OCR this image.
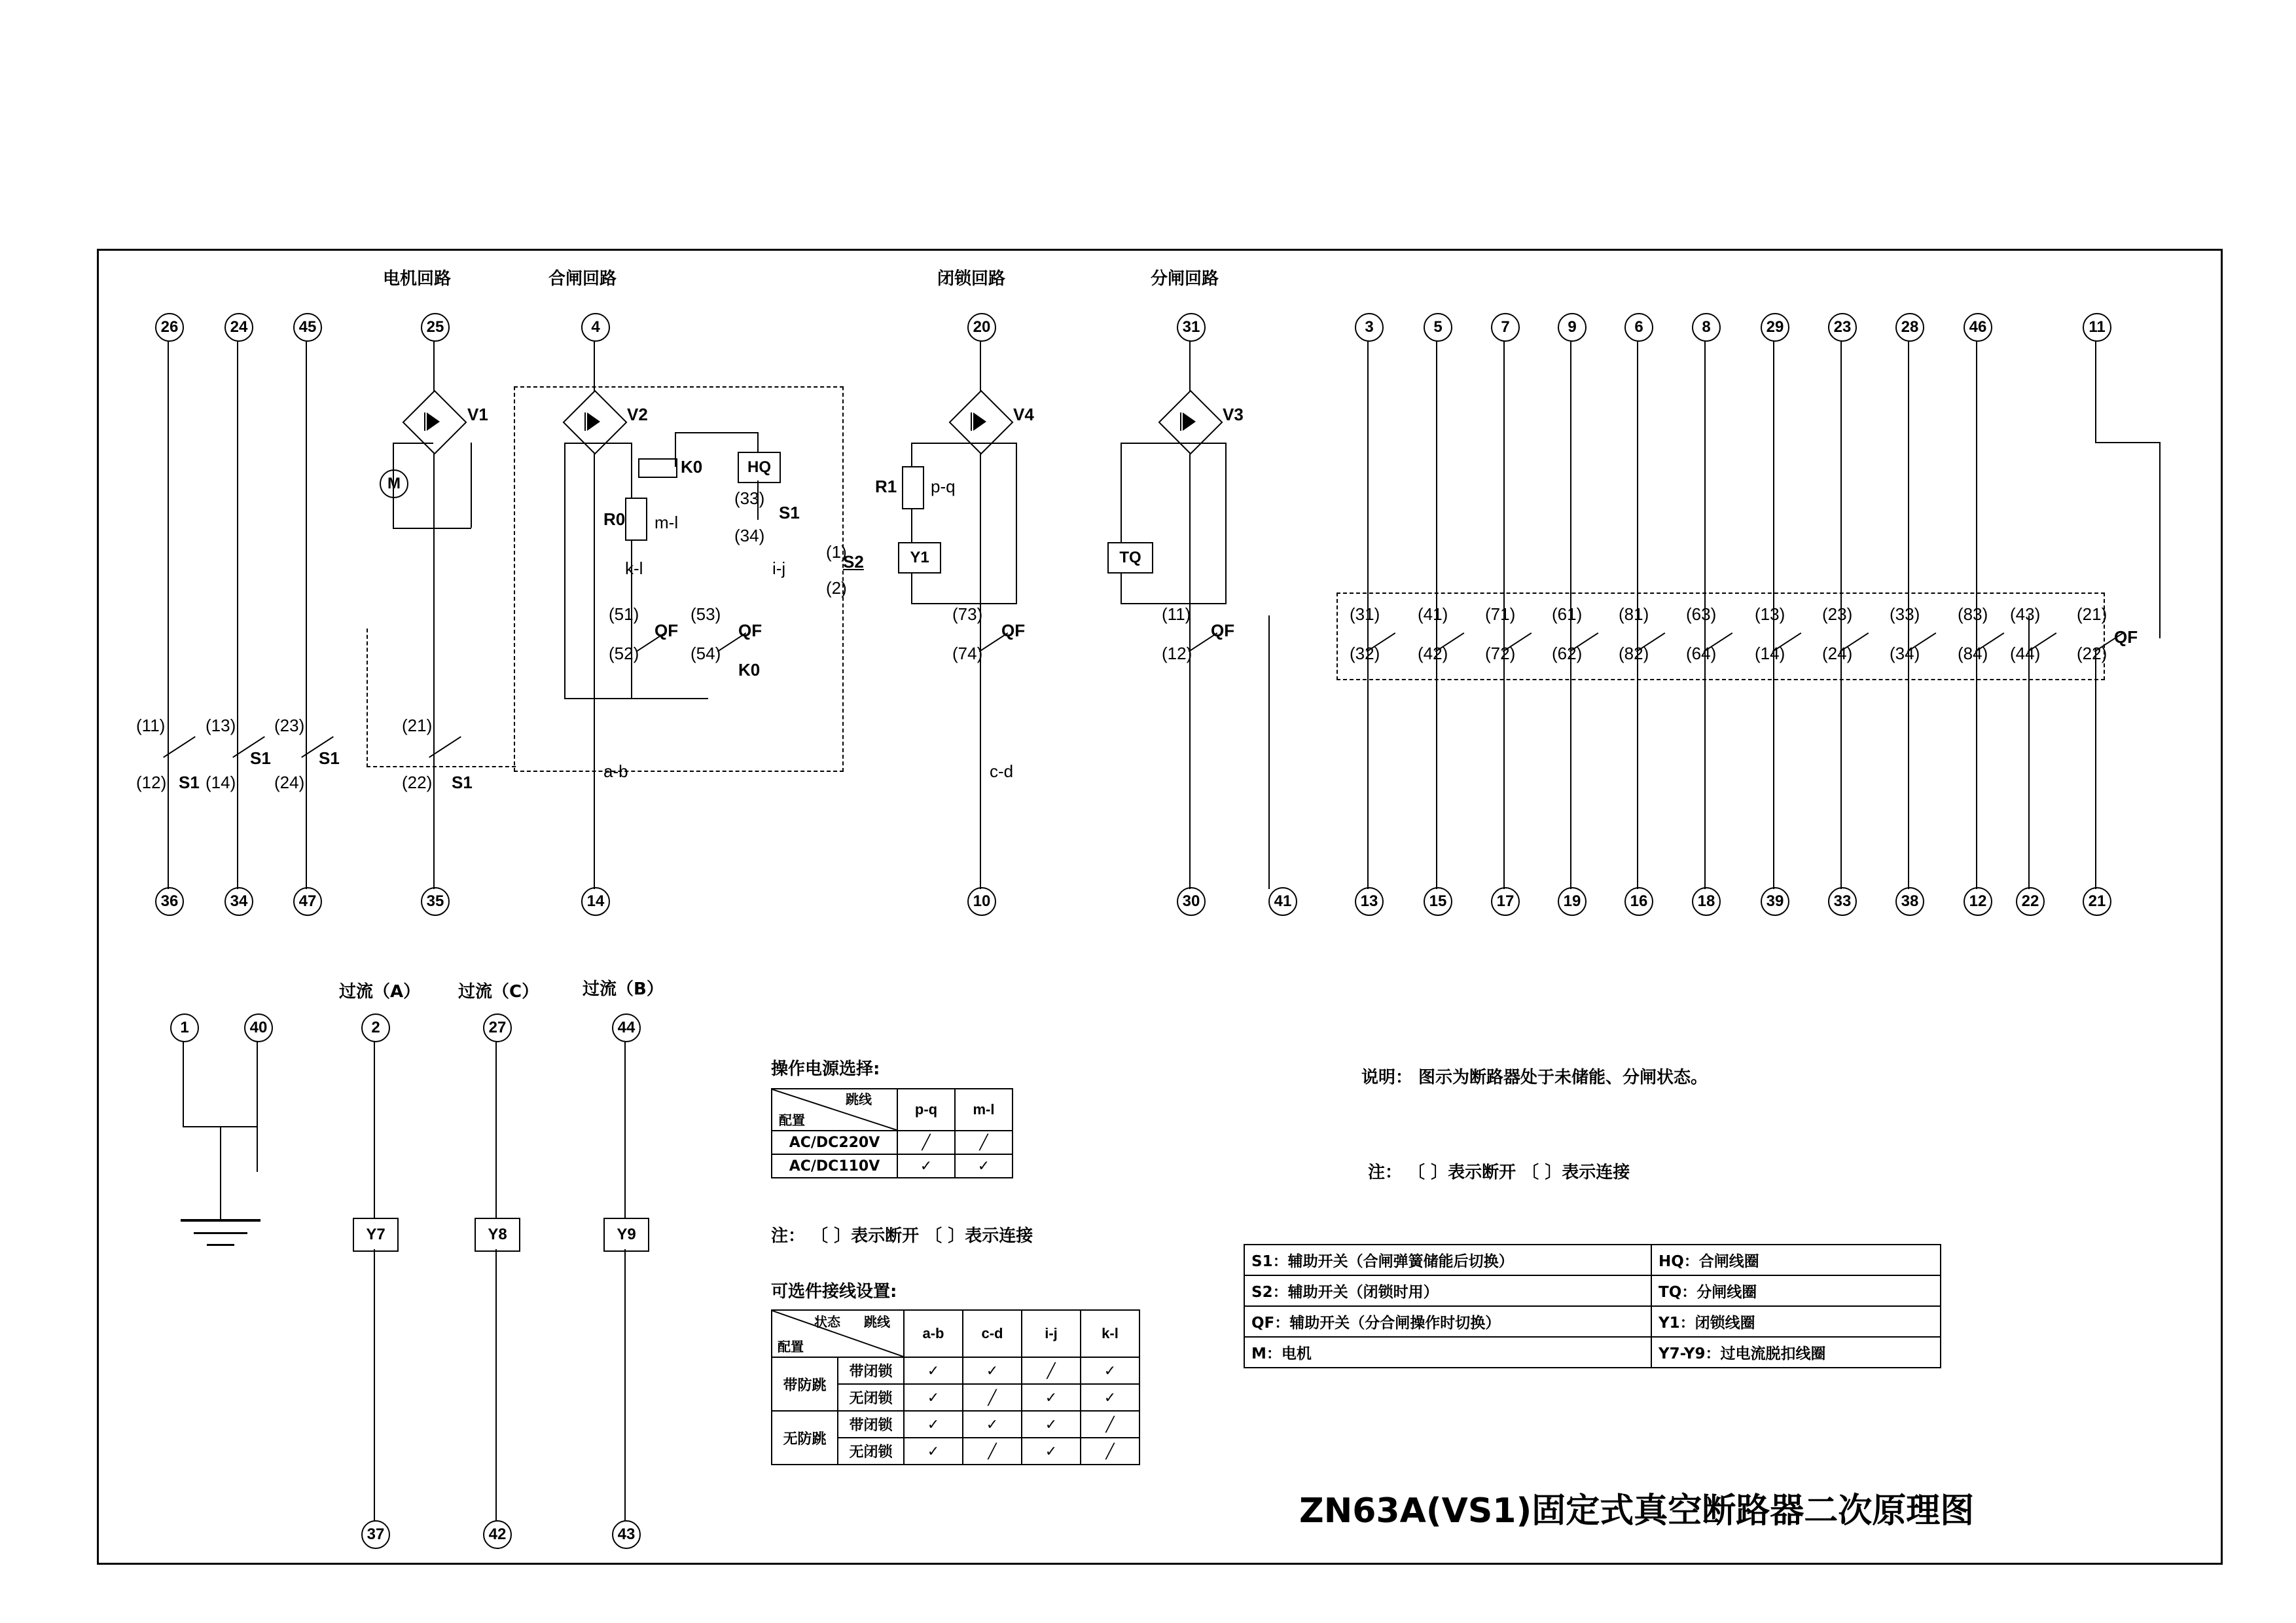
电机回路	合闸回路	闭锁回路	分闸回路
26	24	45	25	4	20	31	3	5	7	9	6	8	29	23	28	46	11
36	34	47	35	14	10	30	41	13	15	17	19	16	18	39	33	38	12	22	21
V1
M
V2
K0
R0 m-l
k-l
HQ
(33)
S1
(34)
(1)
(2)
S2
i-j
(51)
(52)
QF
(53)
(54)
QF
K0
a-b
V4
R1 p-q
Y1
(73)
(74)
QF
c-d
V3
TQ
(11)
(12)
QF
(11)
(12) S1
(13)
(14)
S1
(23)
(24)
S1
(21)
(22) S1
QF
(31)
(32)
(41)
(42)
(71)
(72)
(61)
(62)
(81)
(82)
(63)
(64)
(13)
(14)
(23)
(24)
(33)
(34)
(83)
(84)
(43)
(44)
(21)
(22)
过流（A） 过流（C）	过流（B）
1	40	2	27	44
Y7
37
Y8
42
Y9
43
操作电源选择:
跳线
配置	p-q	m-l
AC/DC220V	╱	╱
AC/DC110V	✓	✓
注： 〔 〕表示断开 〔 〕表示连接
可选件接线设置:
状态 跳线
配置		a-b	c-d	i-j	k-l
带防跳	带闭锁	✓	✓	╱	✓
	无闭锁	✓	╱	✓	✓
无防跳	带闭锁	✓	✓	✓	╱
	无闭锁	✓	╱	✓	╱
说明： 图示为断路器处于未储能、分闸状态。
注： 〔 〕表示断开 〔 〕表示连接
S1：辅助开关（合闸弹簧储能后切换）	HQ：合闸线圈
S2：辅助开关（闭锁时用）	TQ：分闸线圈
QF：辅助开关（分合闸操作时切换）	Y1：闭锁线圈
M：电机	Y7-Y9：过电流脱扣线圈
ZN63A(VS1)固定式真空断路器二次原理图
